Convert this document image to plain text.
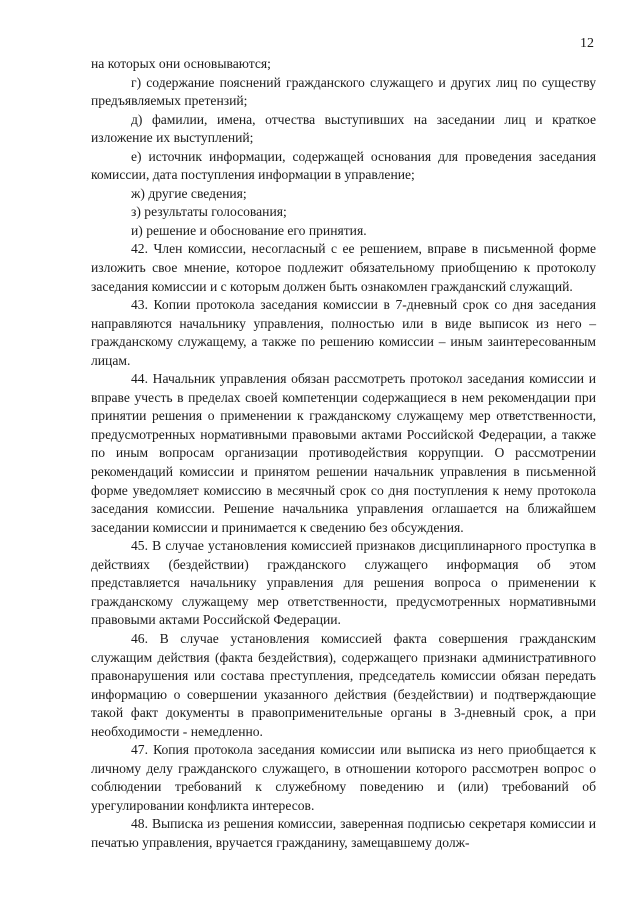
12

на которых они основываются;

г) содержание пояснений гражданского служащего и других лиц по существу предъявляемых претензий;

д) фамилии, имена, отчества выступивших на заседании лиц и краткое изложение их выступлений;

е) источник информации, содержащей основания для проведения заседания комиссии, дата поступления информации в управление;

ж) другие сведения;

з) результаты голосования;

и) решение и обоснование его принятия.

42. Член комиссии, несогласный с ее решением, вправе в письменной форме изложить свое мнение, которое подлежит обязательному приобщению к протоколу заседания комиссии и с которым должен быть ознакомлен гражданский служащий.

43. Копии протокола заседания комиссии в 7-дневный срок со дня заседания направляются начальнику управления, полностью или в виде выписок из него – гражданскому служащему, а также по решению комиссии – иным заинтересованным лицам.

44. Начальник управления обязан рассмотреть протокол заседания комиссии и вправе учесть в пределах своей компетенции содержащиеся в нем рекомендации при принятии решения о применении к гражданскому служащему мер ответственности, предусмотренных нормативными правовыми актами Российской Федерации, а также по иным вопросам организации противодействия коррупции. О рассмотрении рекомендаций комиссии и принятом решении начальник управления в письменной форме уведомляет комиссию в месячный срок со дня поступления к нему протокола заседания комиссии. Решение начальника управления оглашается на ближайшем заседании комиссии и принимается к сведению без обсуждения.

45. В случае установления комиссией признаков дисциплинарного проступка в действиях (бездействии) гражданского служащего информация об этом представляется начальнику управления для решения вопроса о применении к гражданскому служащему мер ответственности, предусмотренных нормативными правовыми актами Российской Федерации.

46. В случае установления комиссией факта совершения гражданским служащим действия (факта бездействия), содержащего признаки административного правонарушения или состава преступления, председатель комиссии обязан передать информацию о совершении указанного действия (бездействии) и подтверждающие такой факт документы в правоприменительные органы в 3-дневный срок, а при необходимости - немедленно.

47. Копия протокола заседания комиссии или выписка из него приобщается к личному делу гражданского служащего, в отношении которого рассмотрен вопрос о соблюдении требований к служебному поведению и (или) требований об урегулировании конфликта интересов.

48. Выписка из решения комиссии, заверенная подписью секретаря комиссии и печатью управления, вручается гражданину, замещавшему долж-
